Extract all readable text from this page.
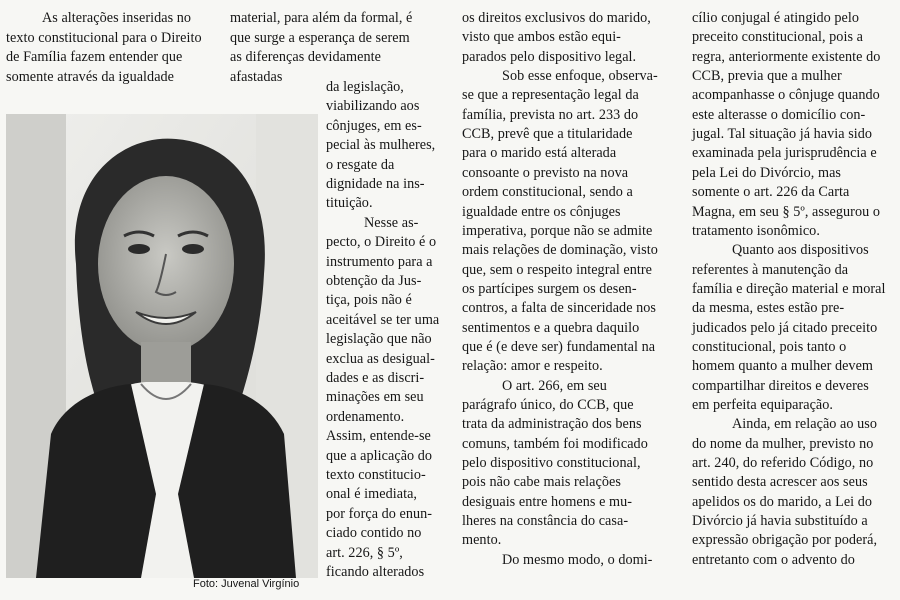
As alterações inseridas no
texto constitucional para o Direito
de Família fazem entender que
somente através da igualdade
material, para além da formal, é
que surge a esperança de serem
as diferenças devidamente
afastadas
da legislação,
viabilizando aos
cônjuges, em es-
pecial às mulheres,
o resgate da
dignidade na ins-
tituição.
Nesse as-
pecto, o Direito é o
instrumento para a
obtenção da Jus-
tiça, pois não é
aceitável se ter uma
legislação que não
exclua as desigual-
dades e as discri-
minações em seu
ordenamento.
Assim, entende-se
que a aplicação do
texto constitucio-
onal é imediata,
por força do enun-
ciado contido no
art. 226, § 5º,
ficando alterados
os direitos exclusivos do marido,
visto que ambos estão equi-
parados pelo dispositivo legal.
Sob esse enfoque, observa-
se que a representação legal da
família, prevista no art. 233 do
CCB, prevê que a titularidade
para o marido está alterada
consoante o previsto na nova
ordem constitucional, sendo a
igualdade entre os cônjuges
imperativa, porque não se admite
mais relações de dominação, visto
que, sem o respeito integral entre
os partícipes surgem os desen-
contros, a falta de sinceridade nos
sentimentos e a quebra daquilo
que é (e deve ser) fundamental na
relação: amor e respeito.
O art. 266, em seu
parágrafo único, do CCB, que
trata da administração dos bens
comuns, também foi modificado
pelo dispositivo constitucional,
pois não cabe mais relações
desiguais entre homens e mu-
lheres na constância do casa-
mento.
Do mesmo modo, o domi-
cílio conjugal é atingido pelo
preceito constitucional, pois a
regra, anteriormente existente do
CCB, previa que a mulher
acompanhasse o cônjuge quando
este alterasse o domicílio con-
jugal. Tal situação já havia sido
examinada pela jurisprudência e
pela Lei do Divórcio, mas
somente o art. 226 da Carta
Magna, em seu § 5º, assegurou o
tratamento isonômico.
Quanto aos dispositivos
referentes à manutenção da
família e direção material e moral
da mesma, estes estão pre-
judicados pelo já citado preceito
constitucional, pois tanto o
homem quanto a mulher devem
compartilhar direitos e deveres
em perfeita equiparação.
Ainda, em relação ao uso
do nome da mulher, previsto no
art. 240, do referido Código, no
sentido desta acrescer aos seus
apelidos os do marido, a Lei do
Divórcio já havia substituído a
expressão obrigação por poderá,
entretanto com o advento do
Foto: Juvenal Virgínio
